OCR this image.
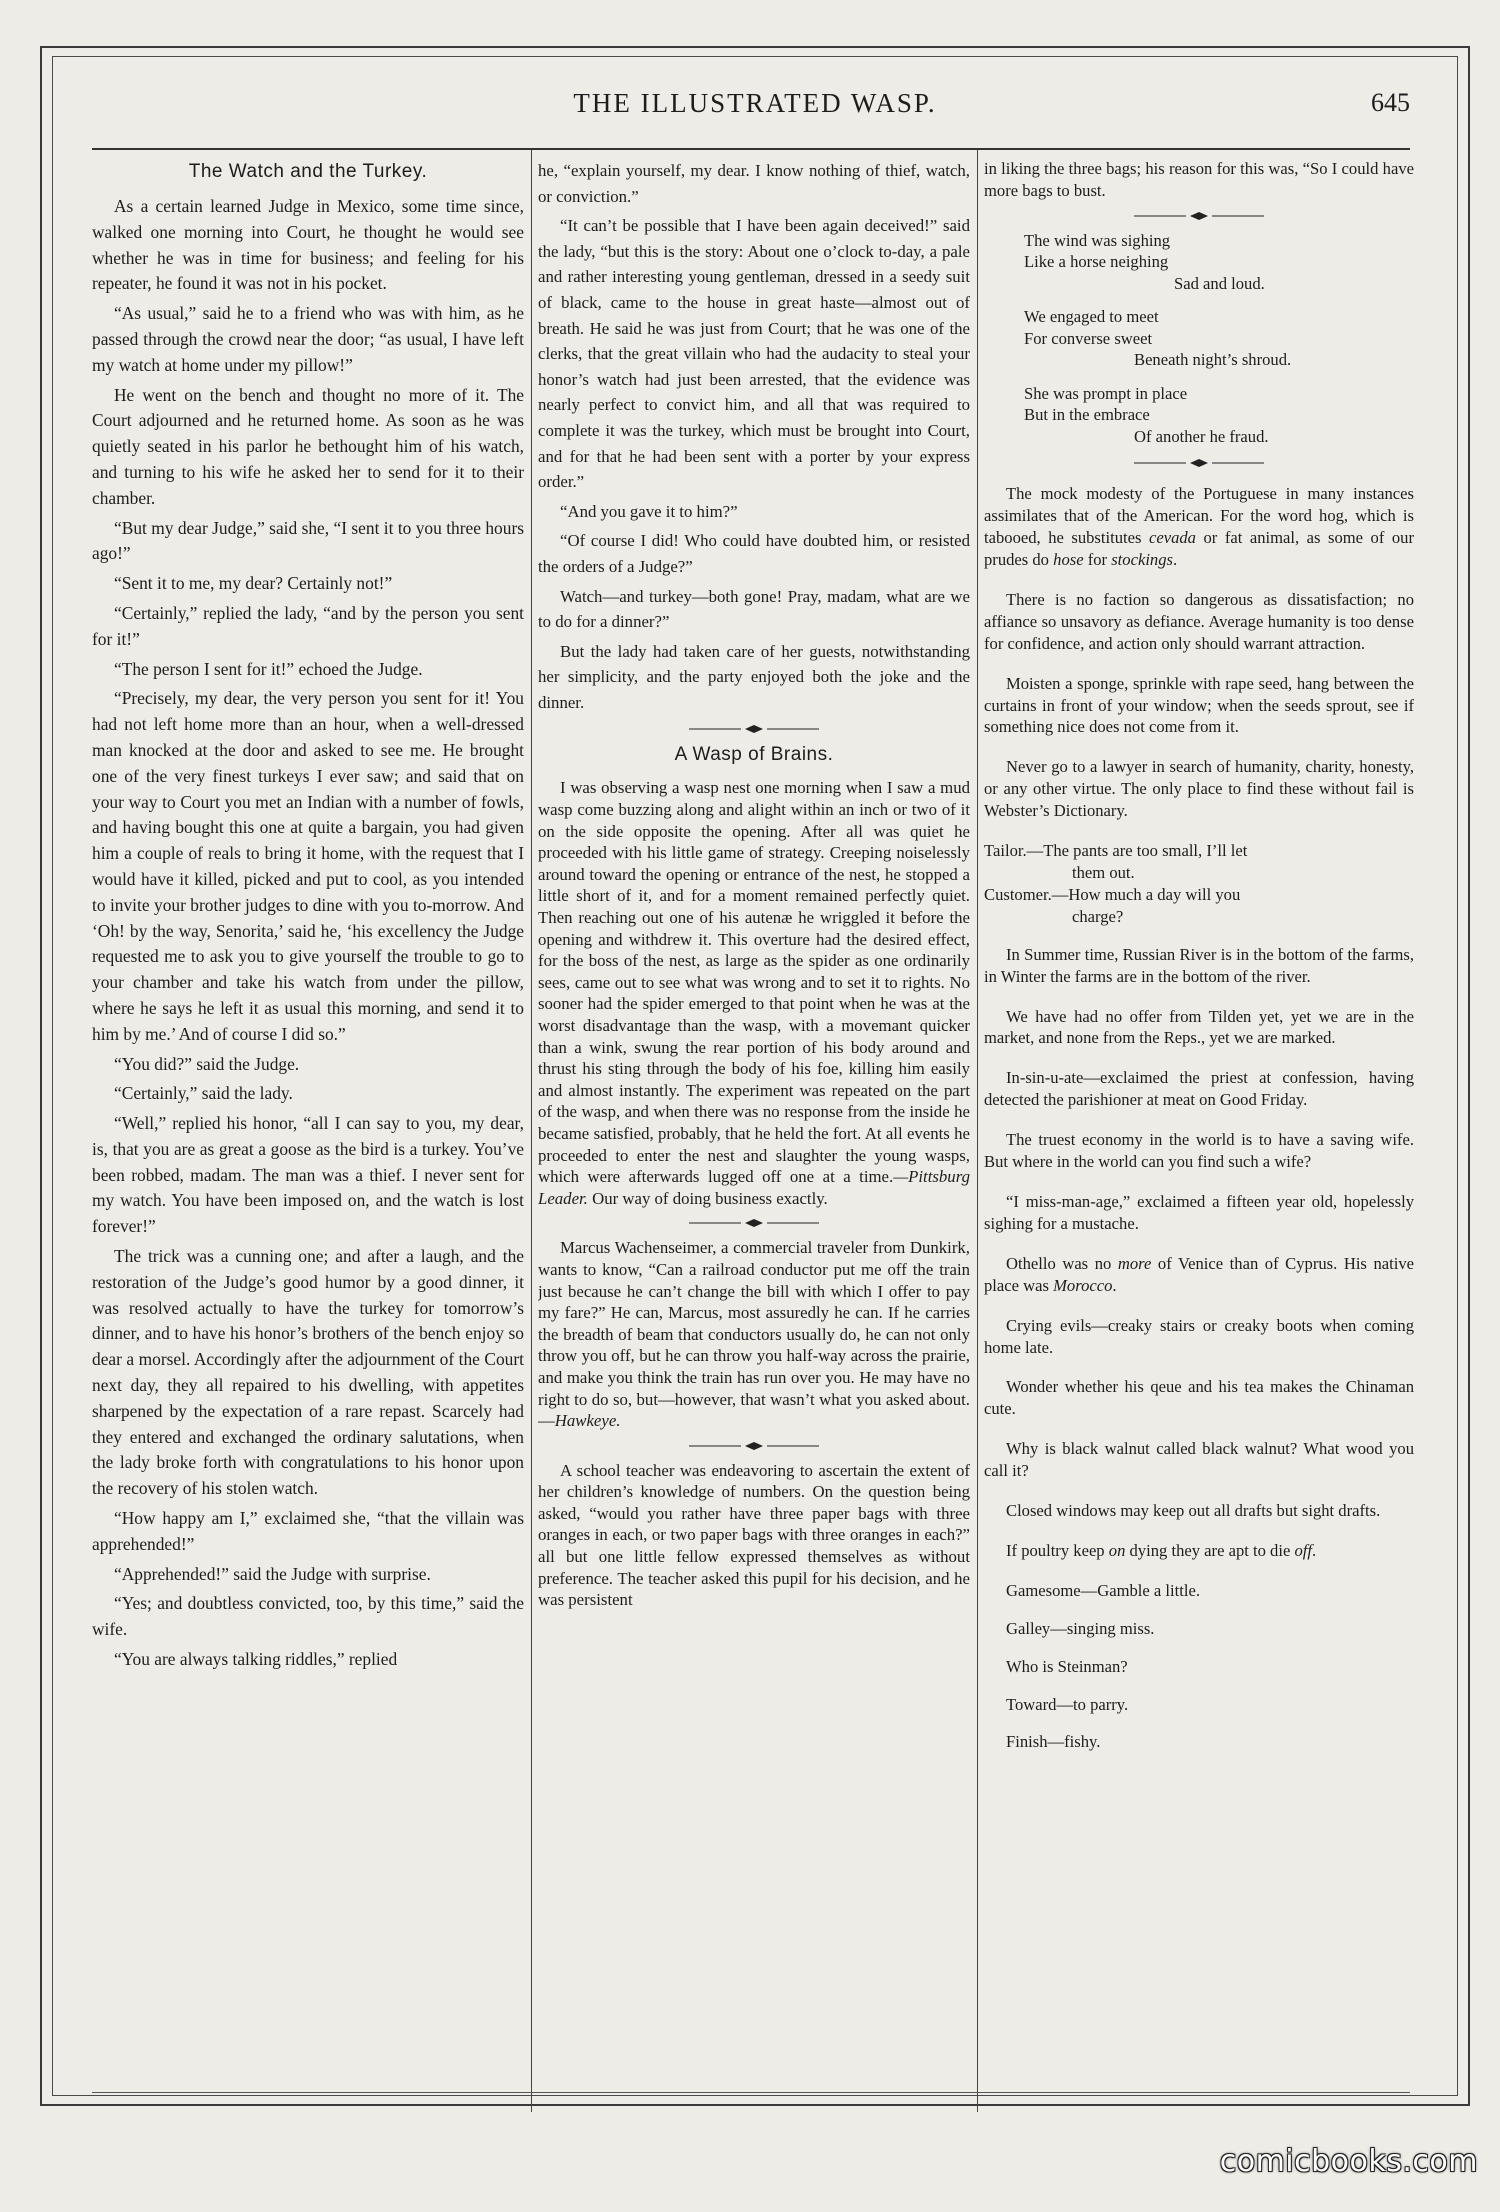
THE ILLUSTRATED WASP.	645
The Watch and the Turkey.

As a certain learned Judge in Mexico, some time since, walked one morning into Court, he thought he would see whether he was in time for business; and feeling for his repeater, he found it was not in his pocket.

“As usual,” said he to a friend who was with him, as he passed through the crowd near the door; “as usual, I have left my watch at home under my pillow!”

He went on the bench and thought no more of it. The Court adjourned and he returned home. As soon as he was quietly seated in his parlor he bethought him of his watch, and turning to his wife he asked her to send for it to their chamber.

“But my dear Judge,” said she, “I sent it to you three hours ago!”

“Sent it to me, my dear? Certainly not!”

“Certainly,” replied the lady, “and by the person you sent for it!”

“The person I sent for it!” echoed the Judge.

“Precisely, my dear, the very person you sent for it! You had not left home more than an hour, when a well-dressed man knocked at the door and asked to see me. He brought one of the very finest turkeys I ever saw; and said that on your way to Court you met an Indian with a number of fowls, and having bought this one at quite a bargain, you had given him a couple of reals to bring it home, with the request that I would have it killed, picked and put to cool, as you intended to invite your brother judges to dine with you to-morrow. And ‘Oh! by the way, Senorita,’ said he, ‘his excellency the Judge requested me to ask you to give yourself the trouble to go to your chamber and take his watch from under the pillow, where he says he left it as usual this morning, and send it to him by me.’ And of course I did so.”

“You did?” said the Judge.

“Certainly,” said the lady.

“Well,” replied his honor, “all I can say to you, my dear, is, that you are as great a goose as the bird is a turkey. You’ve been robbed, madam. The man was a thief. I never sent for my watch. You have been imposed on, and the watch is lost forever!”

The trick was a cunning one; and after a laugh, and the restoration of the Judge’s good humor by a good dinner, it was resolved actually to have the turkey for tomorrow’s dinner, and to have his honor’s brothers of the bench enjoy so dear a morsel. Accordingly after the adjournment of the Court next day, they all repaired to his dwelling, with appetites sharpened by the expectation of a rare repast. Scarcely had they entered and exchanged the ordinary salutations, when the lady broke forth with congratulations to his honor upon the recovery of his stolen watch.

“How happy am I,” exclaimed she, “that the villain was apprehended!”

“Apprehended!” said the Judge with surprise.

“Yes; and doubtless convicted, too, by this time,” said the wife.

“You are always talking riddles,” replied

he, “explain yourself, my dear. I know nothing of thief, watch, or conviction.”

“It can’t be possible that I have been again deceived!” said the lady, “but this is the story: About one o’clock to-day, a pale and rather interesting young gentleman, dressed in a seedy suit of black, came to the house in great haste—almost out of breath. He said he was just from Court; that he was one of the clerks, that the great villain who had the audacity to steal your honor’s watch had just been arrested, that the evidence was nearly perfect to convict him, and all that was required to complete it was the turkey, which must be brought into Court, and for that he had been sent with a porter by your express order.”

“And you gave it to him?”

“Of course I did! Who could have doubted him, or resisted the orders of a Judge?”

Watch—and turkey—both gone! Pray, madam, what are we to do for a dinner?”

But the lady had taken care of her guests, notwithstanding her simplicity, and the party enjoyed both the joke and the dinner.

A Wasp of Brains.

I was observing a wasp nest one morning when I saw a mud wasp come buzzing along and alight within an inch or two of it on the side opposite the opening. After all was quiet he proceeded with his little game of strategy. Creeping noiselessly around toward the opening or entrance of the nest, he stopped a little short of it, and for a moment remained perfectly quiet. Then reaching out one of his autenæ he wriggled it before the opening and withdrew it. This overture had the desired effect, for the boss of the nest, as large as the spider as one ordinarily sees, came out to see what was wrong and to set it to rights. No sooner had the spider emerged to that point when he was at the worst disadvantage than the wasp, with a movemant quicker than a wink, swung the rear portion of his body around and thrust his sting through the body of his foe, killing him easily and almost instantly. The experiment was repeated on the part of the wasp, and when there was no response from the inside he became satisfied, probably, that he held the fort. At all events he proceeded to enter the nest and slaughter the young wasps, which were afterwards lugged off one at a time.—Pittsburg Leader. Our way of doing business exactly.

Marcus Wachenseimer, a commercial traveler from Dunkirk, wants to know, “Can a railroad conductor put me off the train just because he can’t change the bill with which I offer to pay my fare?” He can, Marcus, most assuredly he can. If he carries the breadth of beam that conductors usually do, he can not only throw you off, but he can throw you half-way across the prairie, and make you think the train has run over you. He may have no right to do so, but—however, that wasn’t what you asked about.—Hawkeye.

A school teacher was endeavoring to ascertain the extent of her children’s knowledge of numbers. On the question being asked, “would you rather have three paper bags with three oranges in each, or two paper bags with three oranges in each?” all but one little fellow expressed themselves as without preference. The teacher asked this pupil for his decision, and he was persistent

in liking the three bags; his reason for this was, “So I could have more bags to bust.

The wind was sighing
Like a horse neighing
Sad and loud.
We engaged to meet
For converse sweet
Beneath night’s shroud.
She was prompt in place
But in the embrace
Of another he fraud.

The mock modesty of the Portuguese in many instances assimilates that of the American. For the word hog, which is tabooed, he substitutes cevada or fat animal, as some of our prudes do hose for stockings.

There is no faction so dangerous as dissatisfaction; no affiance so unsavory as defiance. Average humanity is too dense for confidence, and action only should warrant attraction.

Moisten a sponge, sprinkle with rape seed, hang between the curtains in front of your window; when the seeds sprout, see if something nice does not come from it.

Never go to a lawyer in search of humanity, charity, honesty, or any other virtue. The only place to find these without fail is Webster’s Dictionary.

Tailor.—The pants are too small, I’ll let
them out.
Customer.—How much a day will you
charge?

In Summer time, Russian River is in the bottom of the farms, in Winter the farms are in the bottom of the river.

We have had no offer from Tilden yet, yet we are in the market, and none from the Reps., yet we are marked.

In-sin-u-ate—exclaimed the priest at confession, having detected the parishioner at meat on Good Friday.

The truest economy in the world is to have a saving wife. But where in the world can you find such a wife?

“I miss-man-age,” exclaimed a fifteen year old, hopelessly sighing for a mustache.

Othello was no more of Venice than of Cyprus. His native place was Morocco.

Crying evils—creaky stairs or creaky boots when coming home late.

Wonder whether his qeue and his tea makes the Chinaman cute.

Why is black walnut called black walnut? What wood you call it?

Closed windows may keep out all drafts but sight drafts.

If poultry keep on dying they are apt to die off.

Gamesome—Gamble a little.

Galley—singing miss.

Who is Steinman?

Toward—to parry.

Finish—fishy.

comicbooks.com
